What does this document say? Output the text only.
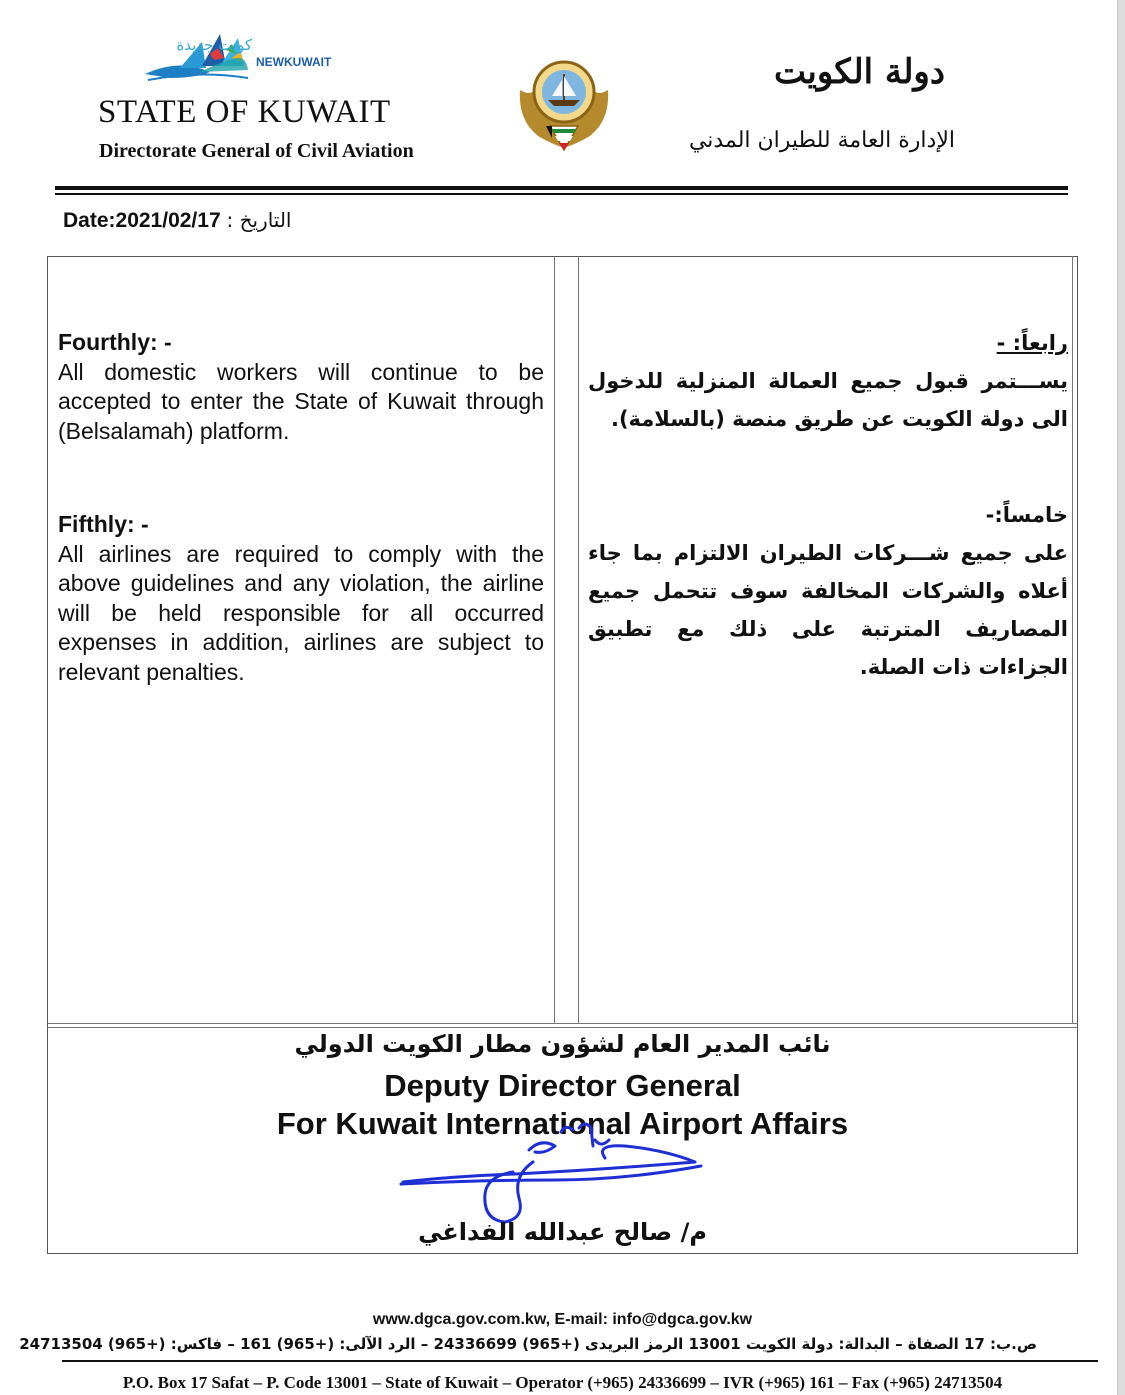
كويت جديدة
NEWKUWAIT
STATE OF KUWAIT
Directorate General of Civil Aviation
دولة الكويت
الإدارة العامة للطيران المدني
Date:2021/02/17 : التاريخ
Fourthly: -
All domestic workers will continue to be accepted to enter the State of Kuwait through (Belsalamah) platform.
Fifthly: -
All airlines are required to comply with the above guidelines and any violation, the airline will be held responsible for all occurred expenses in addition, airlines are subject to relevant penalties.
رابعاً: -
يســـتمر قبول جميع العمالة المنزلية للدخول الى دولة الكويت عن طريق منصة (بالسلامة).
خامساً:-
على جميع شـــركات الطيران الالتزام بما جاء أعلاه والشركات المخالفة سوف تتحمل جميع المصاريف المترتبة على ذلك مع تطبيق الجزاءات ذات الصلة.
نائب المدير العام لشؤون مطار الكويت الدولي
Deputy Director General
For Kuwait International Airport Affairs
م/ صالح عبدالله الفداغي
www.dgca.gov.com.kw, E-mail: info@dgca.gov.kw
ص.ب: 17 الصفاة – البدالة: دولة الكويت 13001 الرمز البريدى (+965) 24336699 – الرد الآلى: (+965) 161 – فاكس: (+965) 24713504
P.O. Box 17 Safat – P. Code 13001 – State of Kuwait – Operator (+965) 24336699 – IVR (+965) 161 – Fax (+965) 24713504
